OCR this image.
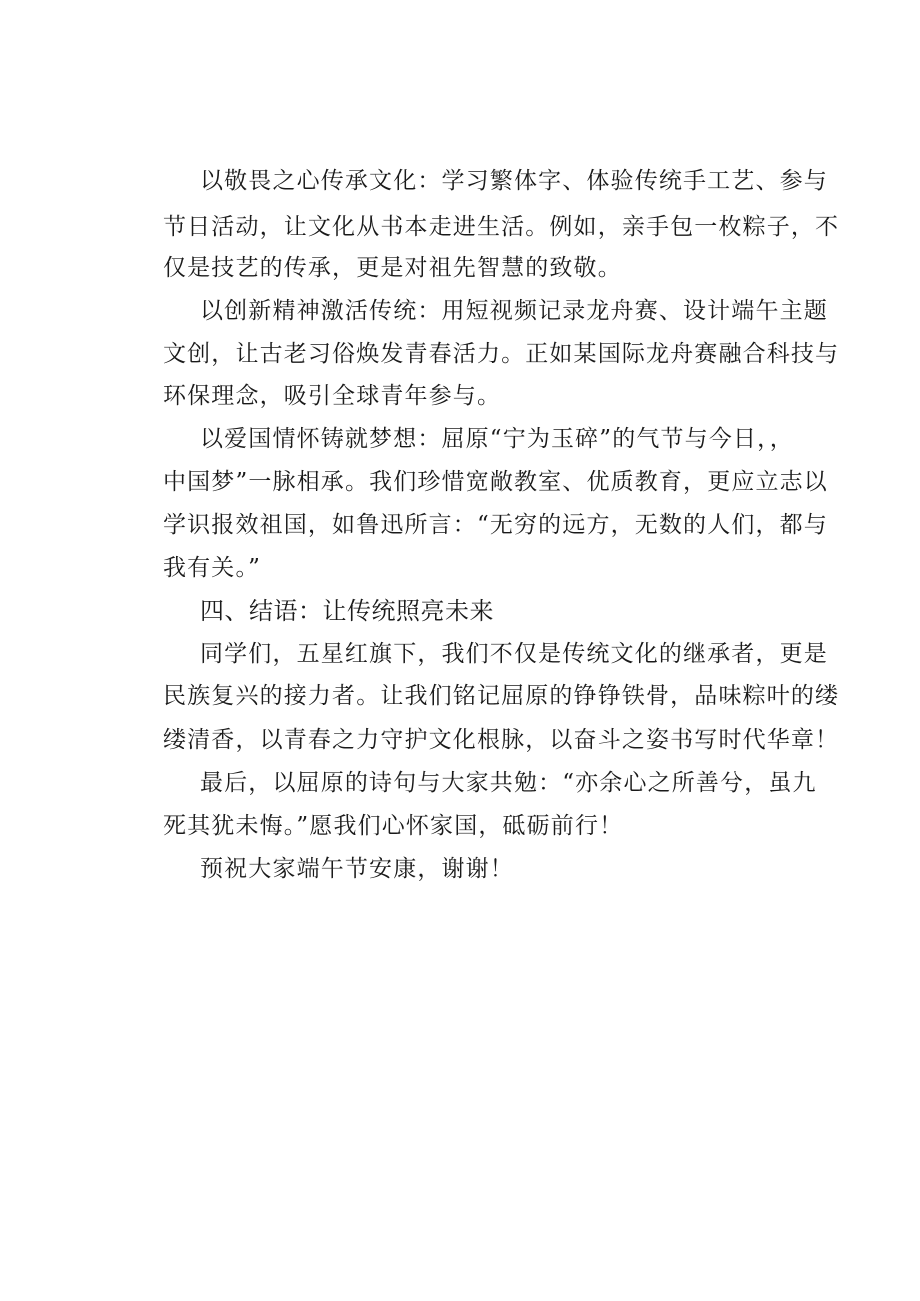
以敬畏之心传承文化：学习繁体字、体验传统手工艺、参与
节日活动，让文化从书本走进生活。例如，亲手包一枚粽子，不
仅是技艺的传承，更是对祖先智慧的致敬。
以创新精神激活传统：用短视频记录龙舟赛、设计端午主题
文创，让古老习俗焕发青春活力。正如某国际龙舟赛融合科技与
环保理念，吸引全球青年参与。
以爱国情怀铸就梦想：屈原“宁为玉碎”的气节与今日，，
中国梦”一脉相承。我们珍惜宽敞教室、优质教育，更应立志以
学识报效祖国，如鲁迅所言：“无穷的远方，无数的人们，都与
我有关。”
四、结语：让传统照亮未来
同学们，五星红旗下，我们不仅是传统文化的继承者，更是
民族复兴的接力者。让我们铭记屈原的铮铮铁骨，品味粽叶的缕
缕清香，以青春之力守护文化根脉，以奋斗之姿书写时代华章！
最后，以屈原的诗句与大家共勉：“亦余心之所善兮，虽九
死其犹未悔。”愿我们心怀家国，砥砺前行！
预祝大家端午节安康，谢谢！
